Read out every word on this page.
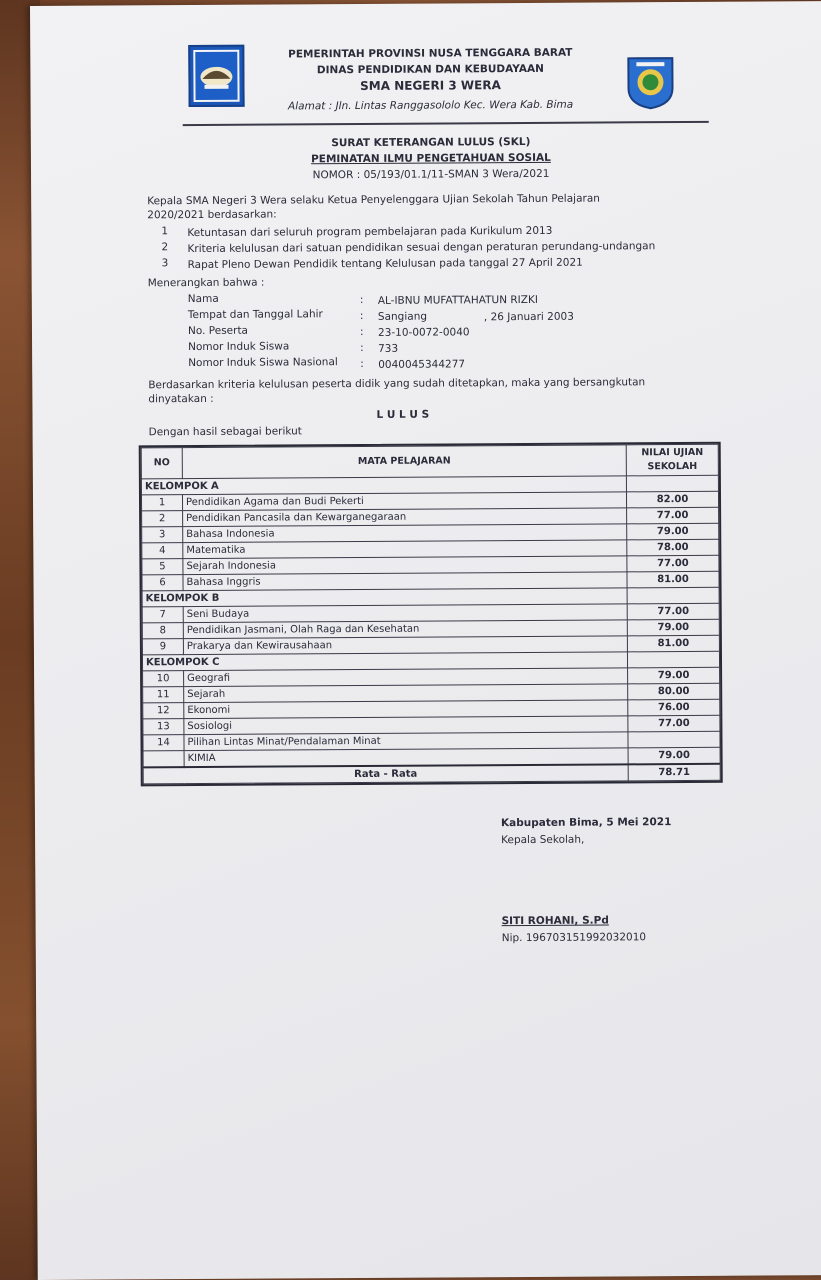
PEMERINTAH PROVINSI NUSA TENGGARA BARAT
DINAS PENDIDIKAN DAN KEBUDAYAAN
SMA NEGERI 3 WERA
Alamat : Jln. Lintas Ranggasololo Kec. Wera Kab. Bima
SURAT KETERANGAN LULUS (SKL)
PEMINATAN ILMU PENGETAHUAN SOSIAL
NOMOR : 05/193/01.1/11-SMAN 3 Wera/2021
Kepala SMA Negeri 3 Wera selaku Ketua Penyelenggara Ujian Sekolah Tahun Pelajaran
2020/2021 berdasarkan:
1 Ketuntasan dari seluruh program pembelajaran pada Kurikulum 2013
2 Kriteria kelulusan dari satuan pendidikan sesuai dengan peraturan perundang-undangan
3 Rapat Pleno Dewan Pendidik tentang Kelulusan pada tanggal 27 April 2021
Menerangkan bahwa :
Nama	: AL-IBNU MUFATTAHATUN RIZKI
Tempat dan Tanggal Lahir	: Sangiang	, 26 Januari 2003
No. Peserta	: 23-10-0072-0040
Nomor Induk Siswa	: 733
Nomor Induk Siswa Nasional : 0040045344277
Berdasarkan kriteria kelulusan peserta didik yang sudah ditetapkan, maka yang bersangkutan
dinyatakan :
L U L U S
Dengan hasil sebagai berikut
NO	MATA PELAJARAN	NILAI UJIAN
SEKOLAH

KELOMPOK A		
1	Pendidikan Agama dan Budi Pekerti	82.00
2	Pendidikan Pancasila dan Kewarganegaraan	77.00
3	Bahasa Indonesia	79.00
4	Matematika	78.00
5	Sejarah Indonesia	77.00
6	Bahasa Inggris	81.00
KELOMPOK B		
7	Seni Budaya	77.00
8	Pendidikan Jasmani, Olah Raga dan Kesehatan	79.00
9	Prakarya dan Kewirausahaan	81.00
KELOMPOK C		
10	Geografi	79.00
11	Sejarah	80.00
12	Ekonomi	76.00
13	Sosiologi	77.00
14	Pilihan Lintas Minat/Pendalaman Minat	
	KIMIA	79.00
Rata - Rata		78.71
Kabupaten Bima, 5 Mei 2021
Kepala Sekolah,
SITI ROHANI, S.Pd
Nip. 196703151992032010
